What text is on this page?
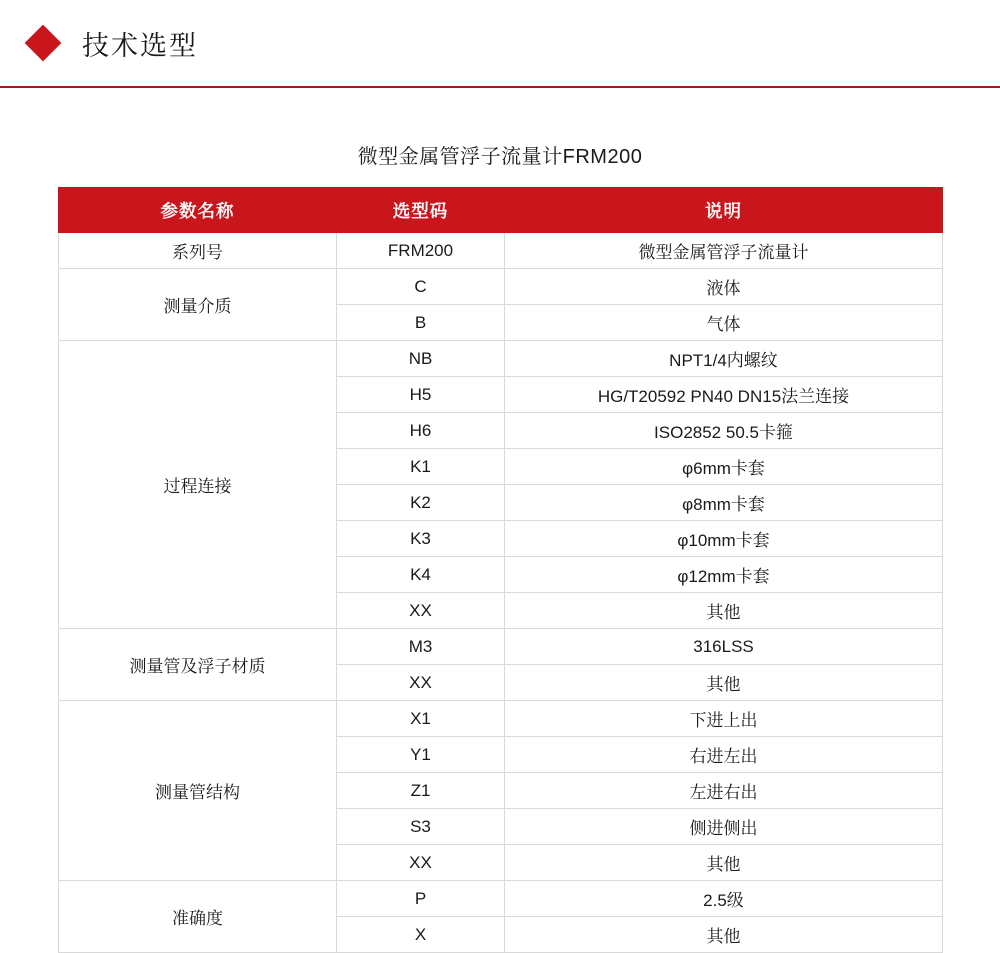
技术选型
微型金属管浮子流量计FRM200
参数名称	选型码	说明
系列号	FRM200	微型金属管浮子流量计
测量介质	C	液体
	B	气体
过程连接	NB	NPT1/4内螺纹
	H5	HG/T20592 PN40 DN15法兰连接
	H6	ISO2852 50.5卡箍
	K1	φ6mm卡套
	K2	φ8mm卡套
	K3	φ10mm卡套
	K4	φ12mm卡套
	XX	其他
测量管及浮子材质	M3	316LSS
	XX	其他
测量管结构	X1	下进上出
	Y1	右进左出
	Z1	左进右出
	S3	侧进侧出
	XX	其他
准确度	P	2.5级
	X	其他
